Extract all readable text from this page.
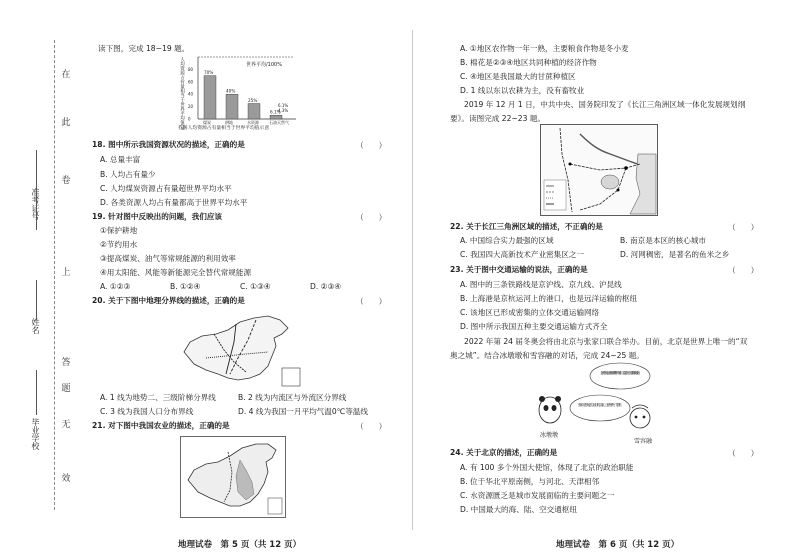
在
此
卷
上
答
题
无
效
准考证号
姓名
毕业学校
读下图，完成 18~19 题。
人均资源占有量相当于世界平均值/%	世界平均/100%
80
60
40
20
0
70%
煤炭
40%
耕地
25%
水资源
6.1%
石油天然气
6.1%
4.3%
我国人均资源占有量相当于世界平均值示意
18. 图中所示我国资源状况的描述，正确的是	（　　）
A. 总量丰富
B. 人均占有量少
C. 人均煤炭资源占有量超世界平均水平
D. 各类资源人均占有量都高于世界平均水平
19. 针对图中反映出的问题，我们应该	（　　）
①保护耕地
②节约用水
③提高煤炭、油气等常规能源的利用效率
④用太阳能、风能等新能源完全替代常规能源
A. ①②③	B. ①②④	C. ①③④	D. ②③④
20. 关于下图中地理分界线的描述，正确的是	（　　）
A. 1 线为地势二、三级阶梯分界线	B. 2 线为内流区与外流区分界线
C. 3 线为我国人口分布界线	D. 4 线为我国一月平均气温0℃等温线
21. 对下图中我国农业的描述，正确的是	（　　）
地理试卷　第 5 页（共 12 页）
A. ①地区农作物一年一熟，主要粮食作物是冬小麦
B. 棉花是②③④地区共同种植的经济作物
C. ④地区是我国最大的甘蔗种植区
D. 1 线以东以农耕为主，没有畜牧业
2019 年 12 月 1 日，中共中央、国务院印发了《长江三角洲区域一体化发展规划纲
要》。读图完成 22~23 题。
22. 关于长江三角洲区域的描述，不正确的是	（　　）
A. 中国综合实力最强的区域	B. 南京是本区的核心城市
C. 我国四大高新技术产业密集区之一	D. 河网稠密，是著名的鱼米之乡
23. 关于图中交通运输的说法，正确的是	（　　）
A. 图中的三条铁路线是京沪线、京九线、沪昆线
B. 上海港是京杭运河上的港口，也是远洋运输的枢纽
C. 该地区已形成密集的立体交通运输网络
D. 图中所示我国五种主要交通运输方式齐全
2022 年第 24 届冬奥会将由北京与张家口联合举办。目前，北京是世界上唯一的“双
奥之城”。结合冰墩墩和雪容融的对话，完成 24~25 题。
北京是冬奥会比赛场馆最集中的城市，这得益于北京完善的基础设施
张家口是冬奥会雪上项目的主赛区，这里冬季冷，雪期长
冰墩墩
雪容融
24. 关于北京的描述，正确的是	（　　）
A. 有 100 多个外国大使馆，体现了北京的政治职能
B. 位于华北平原南侧，与河北、天津相邻
C. 水资源匮乏是城市发展面临的主要问题之一
D. 中国最大的海、陆、空交通枢纽
地理试卷　第 6 页（共 12 页）
